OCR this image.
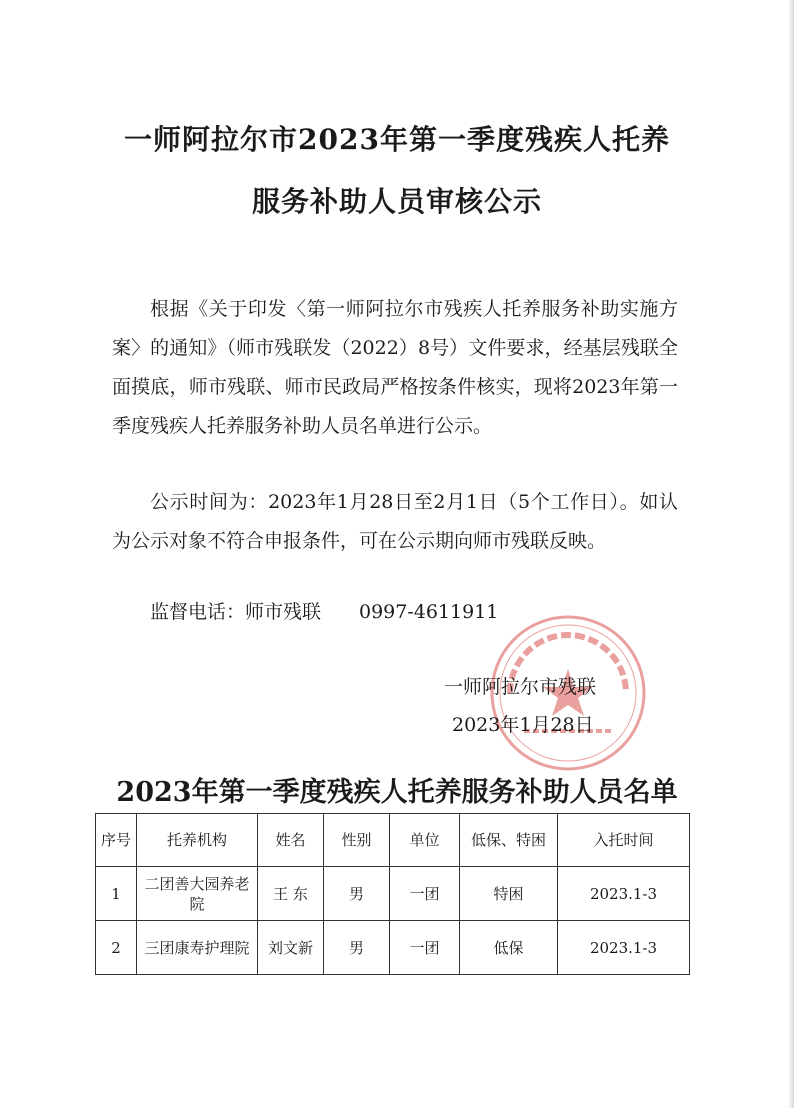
一师阿拉尔市2023年第一季度残疾人托养
服务补助人员审核公示

根据《关于印发〈第一师阿拉尔市残疾人托养服务补助实施方案〉的通知》（师市残联发（2022）8号）文件要求，经基层残联全面摸底，师市残联、师市民政局严格按条件核实，现将2023年第一季度残疾人托养服务补助人员名单进行公示。

公示时间为：2023年1月28日至2月1日（5个工作日）。如认为公示对象不符合申报条件，可在公示期向师市残联反映。

监督电话：师市残联　　0997-4611911

一师阿拉尔市残联
2023年1月28日
2023年第一季度残疾人托养服务补助人员名单
序号	托养机构	姓名	性别	单位	低保、特困	入托时间
1	二团善大园养老院	王 东	男	一团	特困	2023.1-3
2	三团康寿护理院	刘文新	男	一团	低保	2023.1-3
